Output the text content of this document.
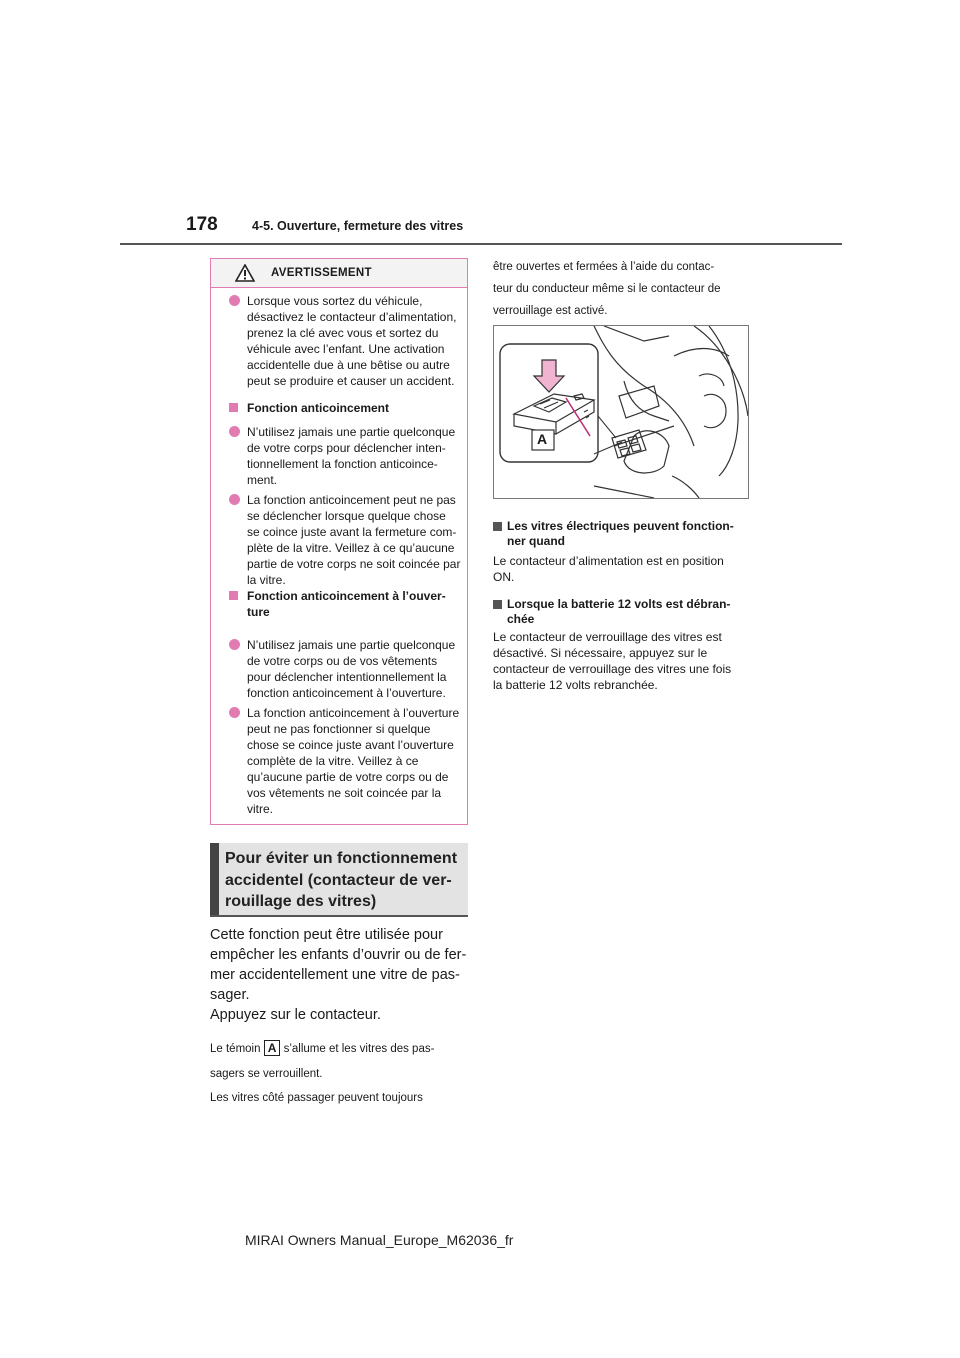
178	4-5. Ouverture, fermeture des vitres
AVERTISSEMENT
Lorsque vous sortez du véhicule,
désactivez le contacteur d’alimentation,
prenez la clé avec vous et sortez du
véhicule avec l’enfant. Une activation
accidentelle due à une bêtise ou autre
peut se produire et causer un accident.
Fonction anticoincement
N’utilisez jamais une partie quelconque
de votre corps pour déclencher inten-
tionnellement la fonction anticoince-
ment.
La fonction anticoincement peut ne pas
se déclencher lorsque quelque chose
se coince juste avant la fermeture com-
plète de la vitre. Veillez à ce qu’aucune
partie de votre corps ne soit coincée par
la vitre.
Fonction anticoincement à l’ouver-
ture
N’utilisez jamais une partie quelconque
de votre corps ou de vos vêtements
pour déclencher intentionnellement la
fonction anticoincement à l’ouverture.
La fonction anticoincement à l’ouverture
peut ne pas fonctionner si quelque
chose se coince juste avant l’ouverture
complète de la vitre. Veillez à ce
qu’aucune partie de votre corps ou de
vos vêtements ne soit coincée par la
vitre.
Pour éviter un fonctionnement
accidentel (contacteur de ver-
rouillage des vitres)
Cette fonction peut être utilisée pour
empêcher les enfants d’ouvrir ou de fer-
mer accidentellement une vitre de pas-
sager.
Appuyez sur le contacteur.
Le témoin A s’allume et les vitres des pas-
sagers se verrouillent.
Les vitres côté passager peuvent toujours
être ouvertes et fermées à l’aide du contac-
teur du conducteur même si le contacteur de
verrouillage est activé.
A
Les vitres électriques peuvent fonction-
ner quand
Le contacteur d’alimentation est en position
ON.
Lorsque la batterie 12 volts est débran-
chée
Le contacteur de verrouillage des vitres est
désactivé. Si nécessaire, appuyez sur le
contacteur de verrouillage des vitres une fois
la batterie 12 volts rebranchée.
MIRAI Owners Manual_Europe_M62036_fr
